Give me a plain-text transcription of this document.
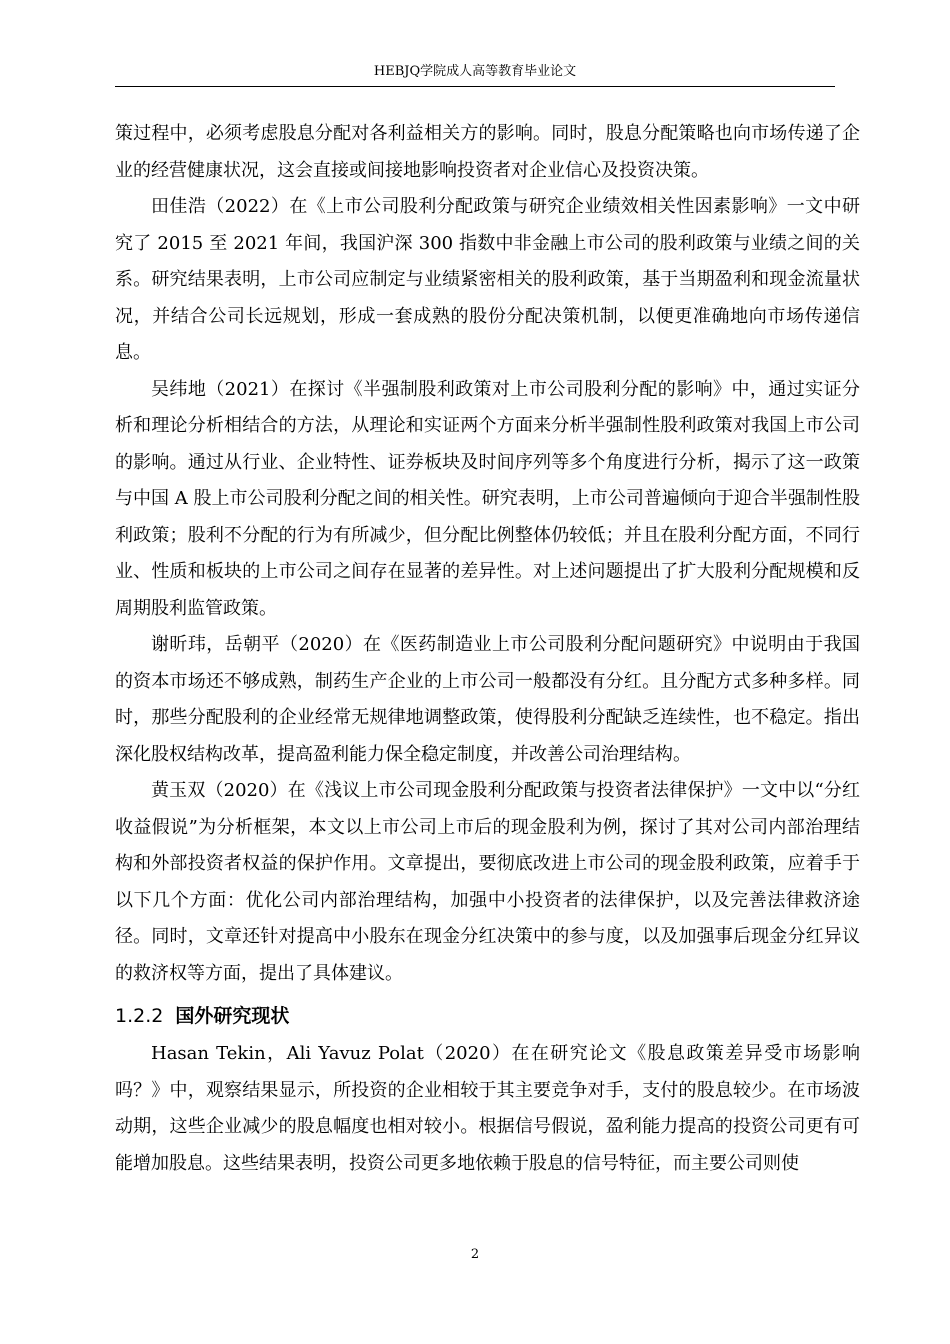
HEBJQ学院成人高等教育毕业论文

策过程中，必须考虑股息分配对各利益相关方的影响。同时，股息分配策略也向市场传递了企业的经营健康状况，这会直接或间接地影响投资者对企业信心及投资决策。

田佳浩（2022）在《上市公司股利分配政策与研究企业绩效相关性因素影响》一文中研究了 2015 至 2021 年间，我国沪深 300 指数中非金融上市公司的股利政策与业绩之间的关系。研究结果表明，上市公司应制定与业绩紧密相关的股利政策，基于当期盈利和现金流量状况，并结合公司长远规划，形成一套成熟的股份分配决策机制，以便更准确地向市场传递信息。

吴纬地（2021）在探讨《半强制股利政策对上市公司股利分配的影响》中，通过实证分析和理论分析相结合的方法，从理论和实证两个方面来分析半强制性股利政策对我国上市公司的影响。通过从行业、企业特性、证券板块及时间序列等多个角度进行分析，揭示了这一政策与中国 A 股上市公司股利分配之间的相关性。研究表明，上市公司普遍倾向于迎合半强制性股利政策；股利不分配的行为有所减少，但分配比例整体仍较低；并且在股利分配方面，不同行业、性质和板块的上市公司之间存在显著的差异性。对上述问题提出了扩大股利分配规模和反周期股利监管政策。

谢昕玮，岳朝平（2020）在《医药制造业上市公司股利分配问题研究》中说明由于我国的资本市场还不够成熟，制药生产企业的上市公司一般都没有分红。且分配方式多种多样。同时，那些分配股利的企业经常无规律地调整政策，使得股利分配缺乏连续性，也不稳定。指出深化股权结构改革，提高盈利能力保全稳定制度，并改善公司治理结构。

黄玉双（2020）在《浅议上市公司现金股利分配政策与投资者法律保护》一文中以“分红收益假说”为分析框架，本文以上市公司上市后的现金股利为例，探讨了其对公司内部治理结构和外部投资者权益的保护作用。文章提出，要彻底改进上市公司的现金股利政策，应着手于以下几个方面：优化公司内部治理结构，加强中小投资者的法律保护，以及完善法律救济途径。同时，文章还针对提高中小股东在现金分红决策中的参与度，以及加强事后现金分红异议的救济权等方面，提出了具体建议。

1.2.2 国外研究现状

Hasan Tekin，Ali Yavuz Polat（2020）在在研究论文《股息政策差异受市场影响吗？》中，观察结果显示，所投资的企业相较于其主要竞争对手，支付的股息较少。在市场波动期，这些企业减少的股息幅度也相对较小。根据信号假说，盈利能力提高的投资公司更有可能增加股息。这些结果表明，投资公司更多地依赖于股息的信号特征，而主要公司则使

2
